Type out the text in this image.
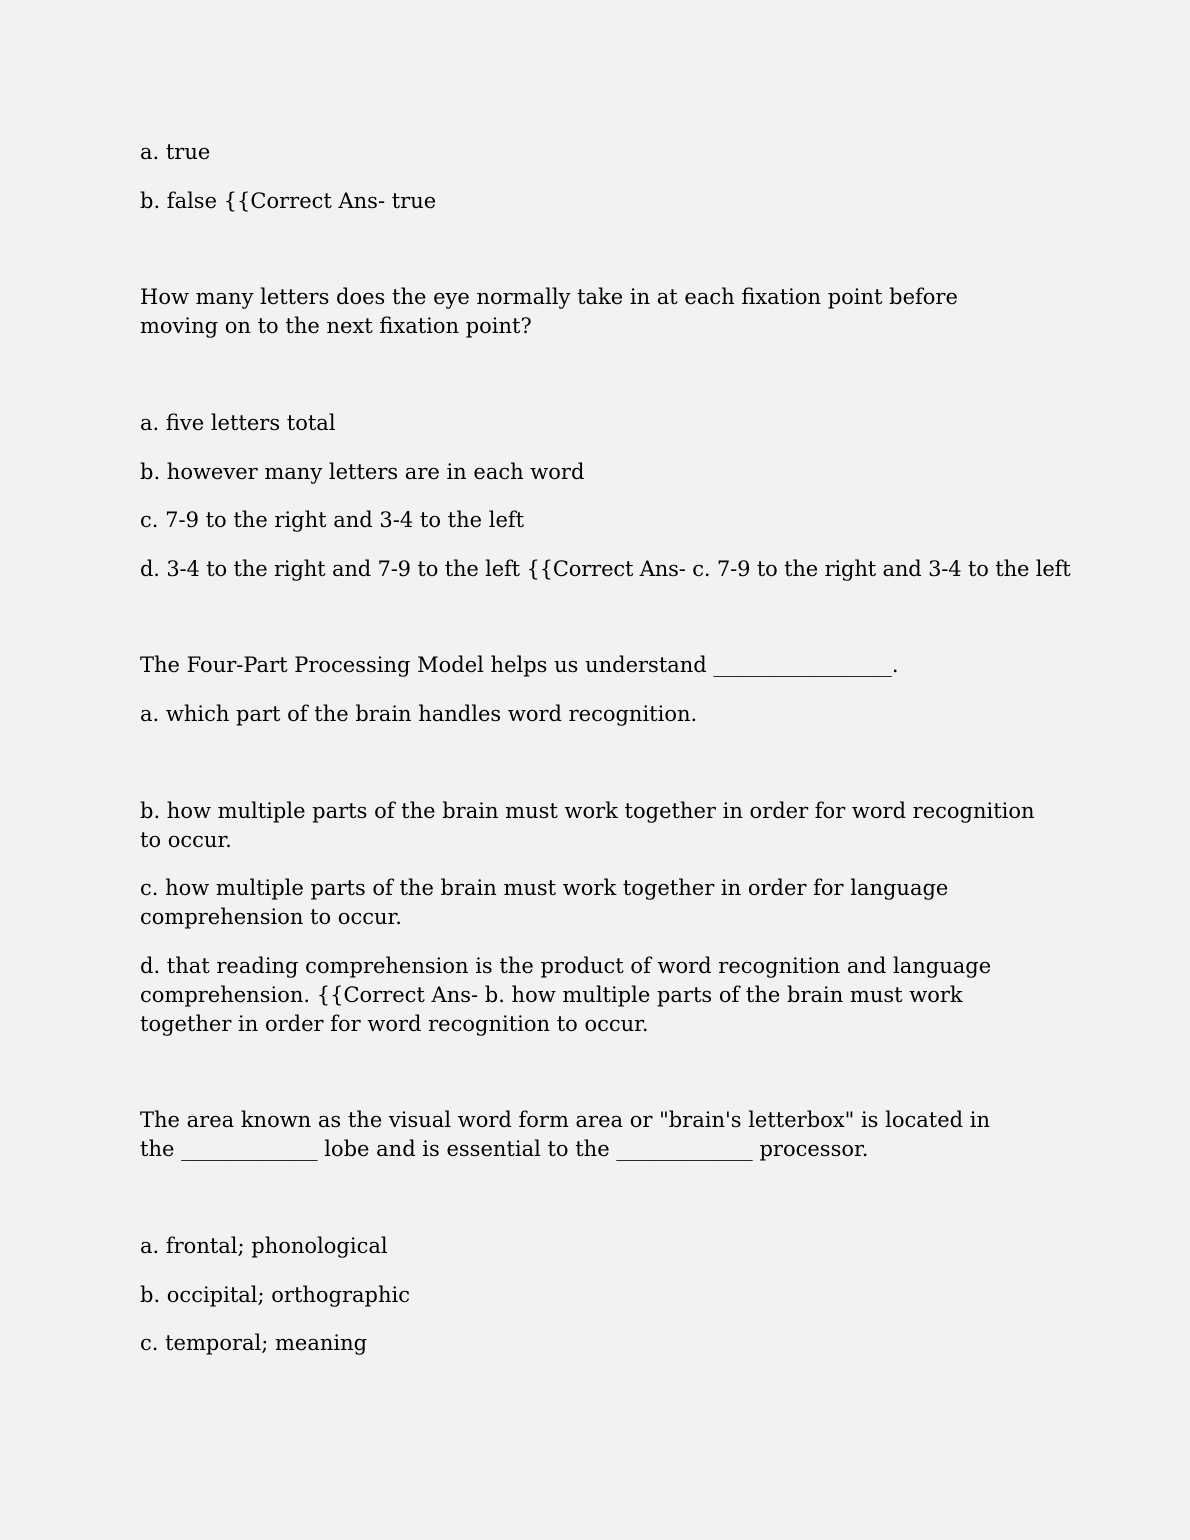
a. true

b. false {{Correct Ans- true

How many letters does the eye normally take in at each fixation point before moving on to the next fixation point?

a. five letters total

b. however many letters are in each word

c. 7-9 to the right and 3-4 to the left

d. 3-4 to the right and 7-9 to the left {{Correct Ans- c. 7-9 to the right and 3-4 to the left

The Four-Part Processing Model helps us understand _________________.

a. which part of the brain handles word recognition.

b. how multiple parts of the brain must work together in order for word recognition to occur.

c. how multiple parts of the brain must work together in order for language comprehension to occur.

d. that reading comprehension is the product of word recognition and language comprehension. {{Correct Ans- b. how multiple parts of the brain must work together in order for word recognition to occur.

The area known as the visual word form area or "brain's letterbox" is located in the _____________ lobe and is essential to the _____________ processor.

a. frontal; phonological

b. occipital; orthographic

c. temporal; meaning
